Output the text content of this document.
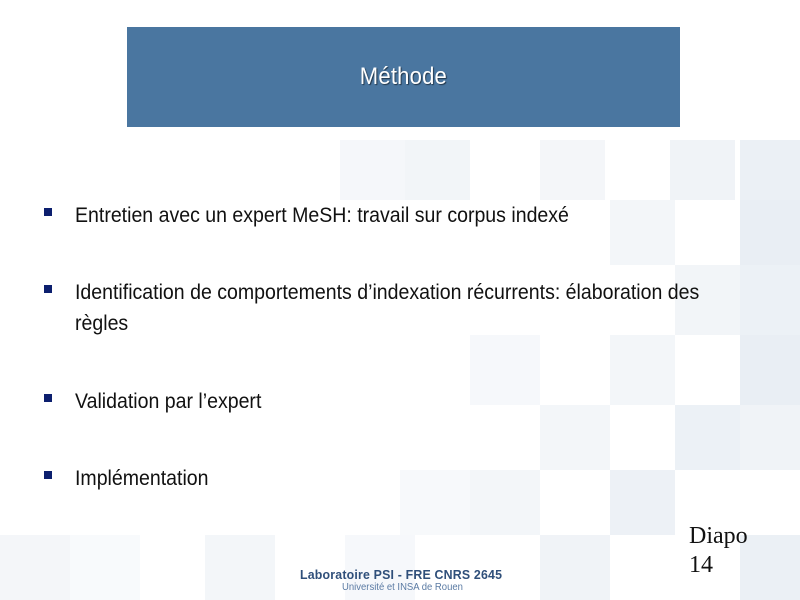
Méthode
Entretien avec un expert MeSH: travail sur corpus indexé
Identification de comportements d’indexation récurrents: élaboration des règles
Validation par l’expert
Implémentation
Laboratoire PSI - FRE CNRS 2645
Université et INSA de Rouen
Diapo
14
